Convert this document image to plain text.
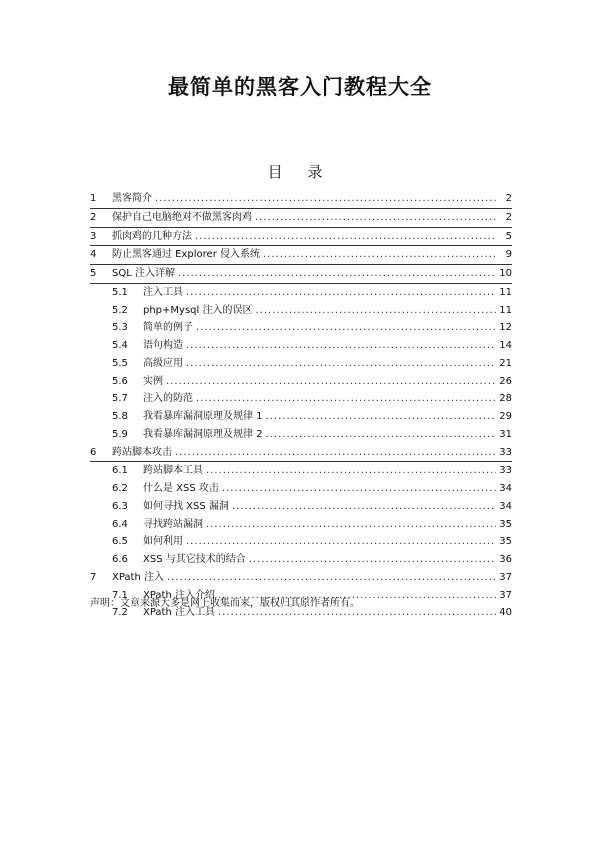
最简单的黑客入门教程大全
目 录
1	黑客简介 .....	2
2	保护自己电脑绝对不做黑客肉鸡 .....	2
3	抓肉鸡的几种方法 .....	5
4	防止黑客通过 Explorer 侵入系统 .....	9
5	SQL 注入详解 .....	10
5.1	注入工具 .....	11
5.2	php+Mysql 注入的误区 .....	11
5.3	简单的例子 .....	12
5.4	语句构造 .....	14
5.5	高级应用 .....	21
5.6	实例 .....	26
5.7	注入的防范 .....	28
5.8	我看暴库漏洞原理及规律 1 .....	29
5.9	我看暴库漏洞原理及规律 2 .....	31
6	跨站脚本攻击 .....	33
6.1	跨站脚本工具 .....	33
6.2	什么是 XSS 攻击 .....	34
6.3	如何寻找 XSS 漏洞 .....	34
6.4	寻找跨站漏洞 .....	35
6.5	如何利用 .....	35
6.6	XSS 与其它技术的结合 .....	36
7	XPath 注入 .....	37
7.1	XPath 注入介绍 .....	37
7.2	XPath 注入工具 .....	40

声明：文章来源大多是网上收集而来，版权归其原作者所有。
